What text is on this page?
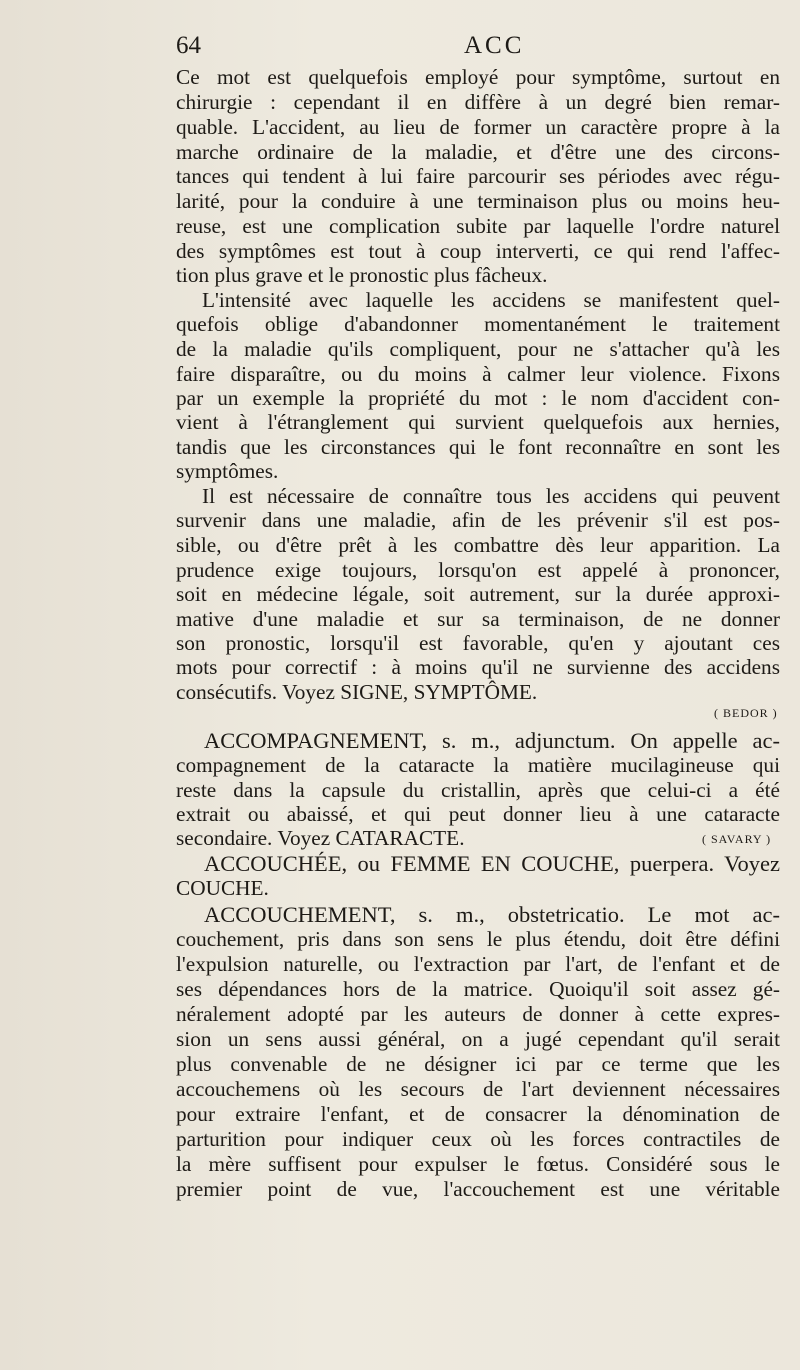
64	ACC
Ce mot est quelquefois employé pour symptôme, surtout en
chirurgie : cependant il en diffère à un degré bien remar-
quable. L'accident, au lieu de former un caractère propre à la
marche ordinaire de la maladie, et d'être une des circons-
tances qui tendent à lui faire parcourir ses périodes avec régu-
larité, pour la conduire à une terminaison plus ou moins heu-
reuse, est une complication subite par laquelle l'ordre naturel
des symptômes est tout à coup interverti, ce qui rend l'affec-
tion plus grave et le pronostic plus fâcheux.
L'intensité avec laquelle les accidens se manifestent quel-
quefois oblige d'abandonner momentanément le traitement
de la maladie qu'ils compliquent, pour ne s'attacher qu'à les
faire disparaître, ou du moins à calmer leur violence. Fixons
par un exemple la propriété du mot : le nom d'accident con-
vient à l'étranglement qui survient quelquefois aux hernies,
tandis que les circonstances qui le font reconnaître en sont les
symptômes.
Il est nécessaire de connaître tous les accidens qui peuvent
survenir dans une maladie, afin de les prévenir s'il est pos-
sible, ou d'être prêt à les combattre dès leur apparition. La
prudence exige toujours, lorsqu'on est appelé à prononcer,
soit en médecine légale, soit autrement, sur la durée approxi-
mative d'une maladie et sur sa terminaison, de ne donner
son pronostic, lorsqu'il est favorable, qu'en y ajoutant ces
mots pour correctif : à moins qu'il ne survienne des accidens
consécutifs. Voyez SIGNE, SYMPTÔME.
( BEDOR )
ACCOMPAGNEMENT, s. m., adjunctum. On appelle ac-
compagnement de la cataracte la matière mucilagineuse qui
reste dans la capsule du cristallin, après que celui-ci a été
extrait ou abaissé, et qui peut donner lieu à une cataracte
secondaire. Voyez CATARACTE.	( SAVARY )
ACCOUCHÉE, ou FEMME EN COUCHE, puerpera. Voyez
COUCHE.
ACCOUCHEMENT, s. m., obstetricatio. Le mot ac-
couchement, pris dans son sens le plus étendu, doit être défini
l'expulsion naturelle, ou l'extraction par l'art, de l'enfant et de
ses dépendances hors de la matrice. Quoiqu'il soit assez gé-
néralement adopté par les auteurs de donner à cette expres-
sion un sens aussi général, on a jugé cependant qu'il serait
plus convenable de ne désigner ici par ce terme que les
accouchemens où les secours de l'art deviennent nécessaires
pour extraire l'enfant, et de consacrer la dénomination de
parturition pour indiquer ceux où les forces contractiles de
la mère suffisent pour expulser le fœtus. Considéré sous le
premier point de vue, l'accouchement est une véritable
